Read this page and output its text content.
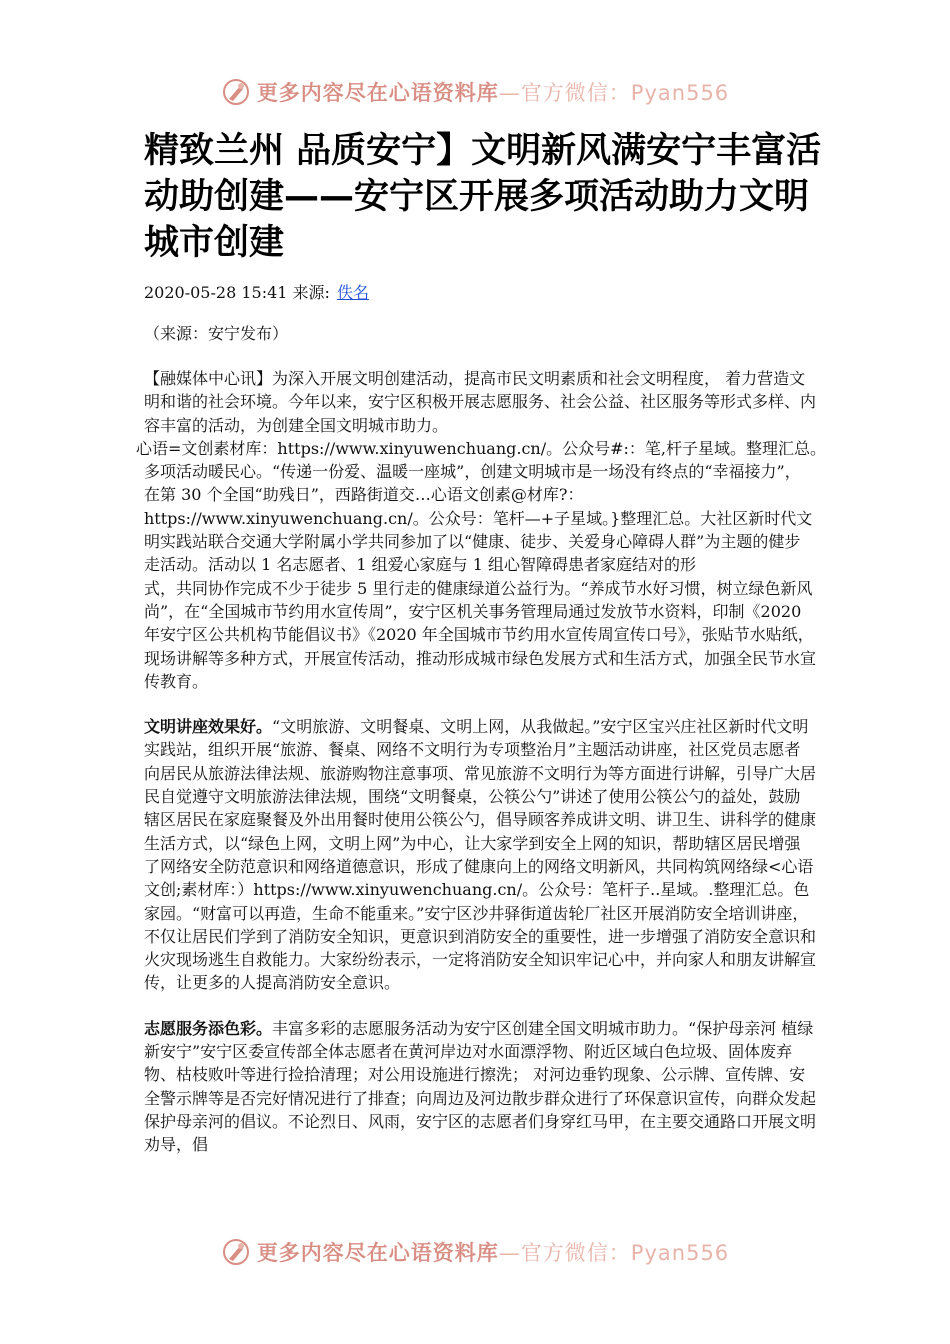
更多内容尽在心语资料库—官方微信：Pyan556
精致兰州 品质安宁】文明新风满安宁丰富活动助创建——安宁区开展多项活动助力文明城市创建
2020-05-28 15:41 来源: 佚名
（来源：安宁发布）

【融媒体中心讯】为深入开展文明创建活动，提高市民文明素质和社会文明程度， 着力营造文明和谐的社会环境。今年以来，安宁区积极开展志愿服务、社会公益、社区服务等形式多样、内容丰富的活动，为创建全国文明城市助力。

心语=文创素材库：https://www.xinyuwenchuang.cn/。公众号#:：笔,杆子星域。整理汇总。

多项活动暖民心。“传递一份爱、温暖一座城”，创建文明城市是一场没有终点的“幸福接力”， 在第 30 个全国“助残日”，西路街道交…心语文创素@材库?：https://www.xinyuwenchuang.cn/。公众号：笔杆—+子星域。}整理汇总。大社区新时代文明实践站联合交通大学附属小学共同参加了以“健康、徒步、关爱身心障碍人群”为主题的健步走活动。活动以 1 名志愿者、1 组爱心家庭与 1 组心智障碍患者家庭结对的形

式，共同协作完成不少于徒步 5 里行走的健康绿道公益行为。“养成节水好习惯，树立绿色新风尚”，在“全国城市节约用水宣传周”，安宁区机关事务管理局通过发放节水资料，印制《2020 年安宁区公共机构节能倡议书》《2020 年全国城市节约用水宣传周宣传口号》，张贴节水贴纸，现场讲解等多种方式，开展宣传活动，推动形成城市绿色发展方式和生活方式，加强全民节水宣传教育。

文明讲座效果好。“文明旅游、文明餐桌、文明上网，从我做起。”安宁区宝兴庄社区新时代文明实践站，组织开展“旅游、餐桌、网络不文明行为专项整治月”主题活动讲座，社区党员志愿者向居民从旅游法律法规、旅游购物注意事项、常见旅游不文明行为等方面进行讲解，引导广大居民自觉遵守文明旅游法律法规，围绕“文明餐桌，公筷公勺”讲述了使用公筷公勺的益处，鼓励辖区居民在家庭聚餐及外出用餐时使用公筷公勺，倡导顾客养成讲文明、讲卫生、讲科学的健康生活方式，以“绿色上网，文明上网”为中心，让大家学到安全上网的知识，帮助辖区居民增强了网络安全防范意识和网络道德意识，形成了健康向上的网络文明新风，共同构筑网络绿<心语文创;素材库：）https://www.xinyuwenchuang.cn/。公众号：笔杆子..星域。.整理汇总。色家园。“财富可以再造，生命不能重来。”安宁区沙井驿街道齿轮厂社区开展消防安全培训讲座，不仅让居民们学到了消防安全知识，更意识到消防安全的重要性，进一步增强了消防安全意识和火灾现场逃生自救能力。大家纷纷表示，一定将消防安全知识牢记心中，并向家人和朋友讲解宣传，让更多的人提高消防安全意识。

志愿服务添色彩。丰富多彩的志愿服务活动为安宁区创建全国文明城市助力。“保护母亲河 植绿新安宁”安宁区委宣传部全体志愿者在黄河岸边对水面漂浮物、附近区域白色垃圾、固体废弃物、枯枝败叶等进行捡拾清理；对公用设施进行擦洗； 对河边垂钓现象、公示牌、宣传牌、安全警示牌等是否完好情况进行了排查；向周边及河边散步群众进行了环保意识宣传，向群众发起保护母亲河的倡议。不论烈日、风雨，安宁区的志愿者们身穿红马甲，在主要交通路口开展文明劝导，倡

更多内容尽在心语资料库—官方微信：Pyan556
